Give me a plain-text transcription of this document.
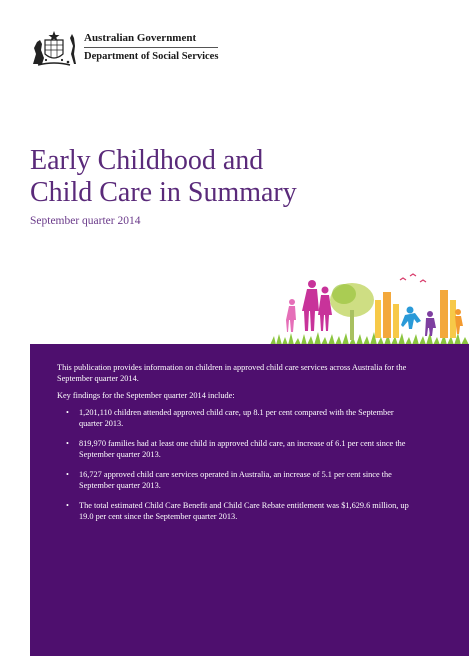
Australian Government
Department of Social Services
Early Childhood and
Child Care in Summary

September quarter 2014

This publication provides information on children in approved child care services across Australia for the September quarter 2014.

Key findings for the September quarter 2014 include:

• 1,201,110 children attended approved child care, up 8.1 per cent compared with the September quarter 2013.
• 819,970 families had at least one child in approved child care, an increase of 6.1 per cent since the September quarter 2013.
• 16,727 approved child care services operated in Australia, an increase of 5.1 per cent since the September quarter 2013.
• The total estimated Child Care Benefit and Child Care Rebate entitlement was $1,629.6 million, up 19.0 per cent since the September quarter 2013.
